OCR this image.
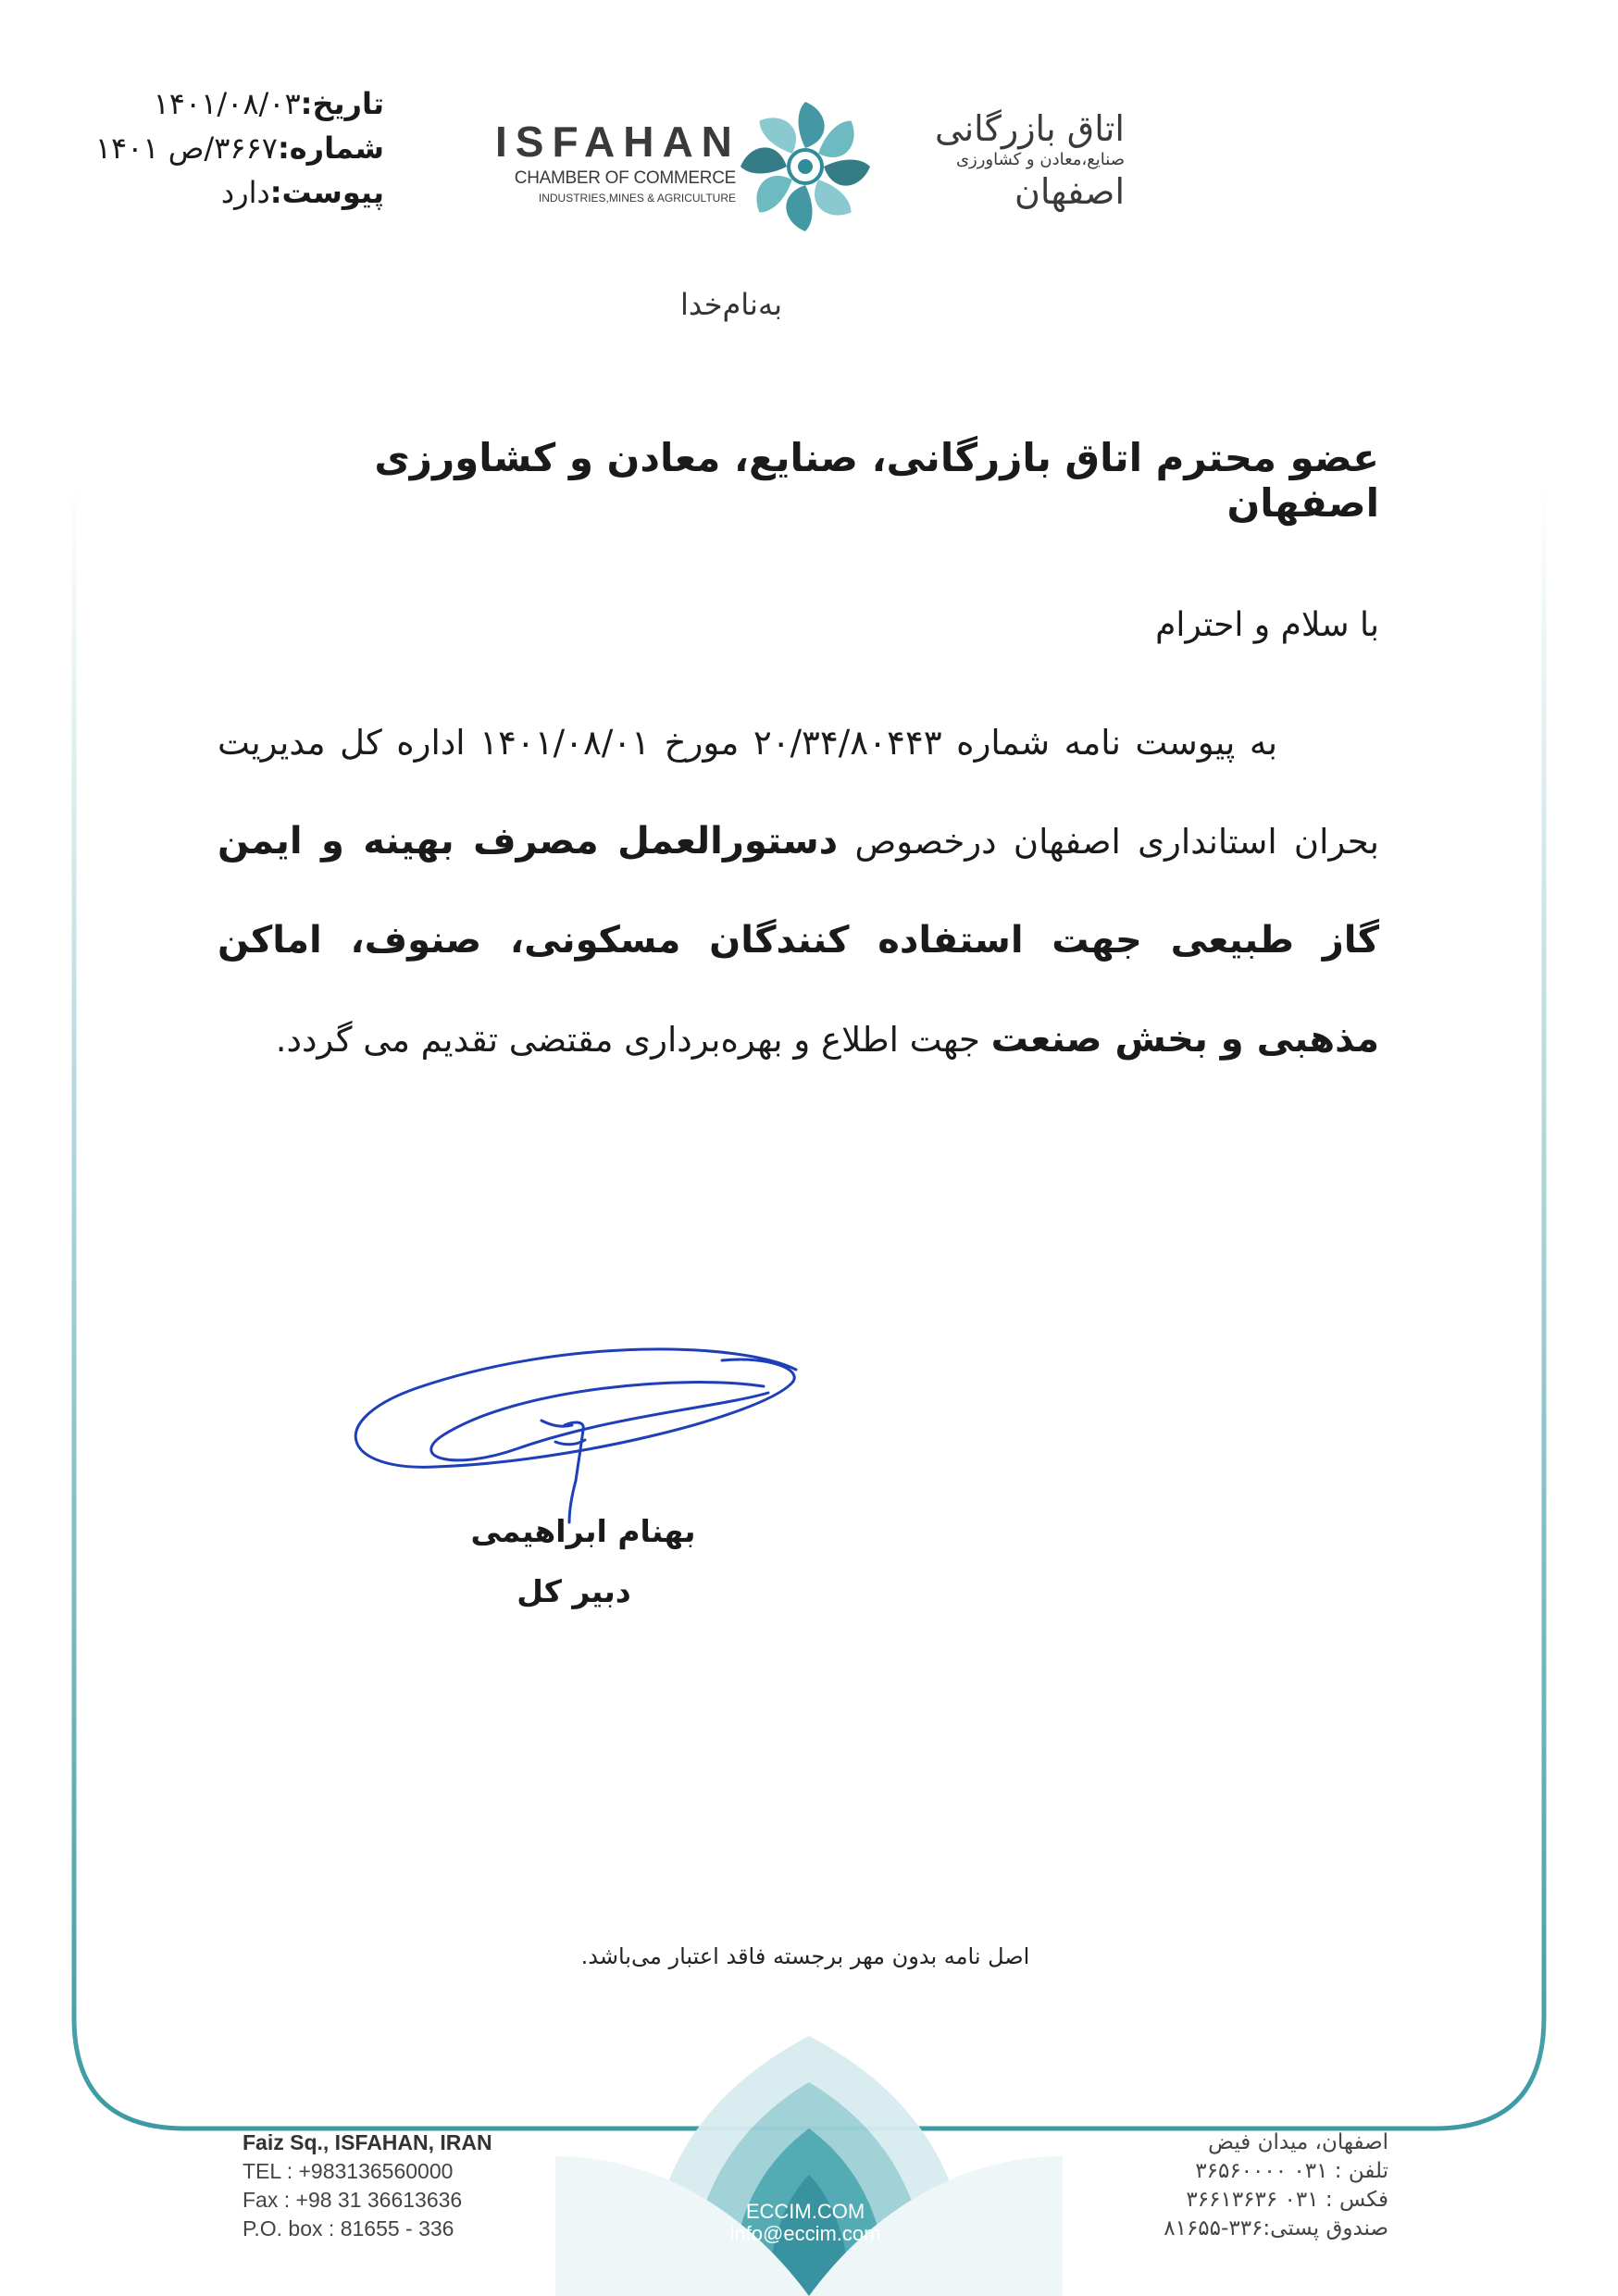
تاریخ:۱۴۰۱/۰۸/۰۳
شماره:۳۶۶۷/ص ۱۴۰۱
پیوست:دارد
ISFAHAN
CHAMBER OF COMMERCE
INDUSTRIES,MINES & AGRICULTURE
اتاق بازرگانی
صنایع،معادن و کشاورزی
اصفهان
به‌نام‌خدا
عضو محترم اتاق بازرگانی، صنایع، معادن و کشاورزی اصفهان
با سلام و احترام

به پیوست نامه شماره ۲۰/۳۴/۸۰۴۴۳ مورخ ۱۴۰۱/۰۸/۰۱ اداره کل مدیریت بحران استانداری اصفهان درخصوص دستورالعمل مصرف بهینه و ایمن گاز طبیعی جهت استفاده کنندگان مسکونی، صنوف، اماکن مذهبی و بخش صنعت جهت اطلاع و بهره‌برداری مقتضی تقدیم می گردد.

بهنام ابراهیمی
دبیر کل
اصل نامه بدون مهر برجسته فاقد اعتبار می‌باشد.
Faiz Sq., ISFAHAN, IRAN
TEL : +983136560000
Fax : +98 31 36613636
P.O. box : 81655 - 336
ECCIM.COM
info@eccim.com
اصفهان، میدان فیض
تلفن : ۰۳۱ ۳۶۵۶۰۰۰۰
فکس : ۰۳۱ ۳۶۶۱۳۶۳۶
صندوق پستی:۳۳۶-۸۱۶۵۵
